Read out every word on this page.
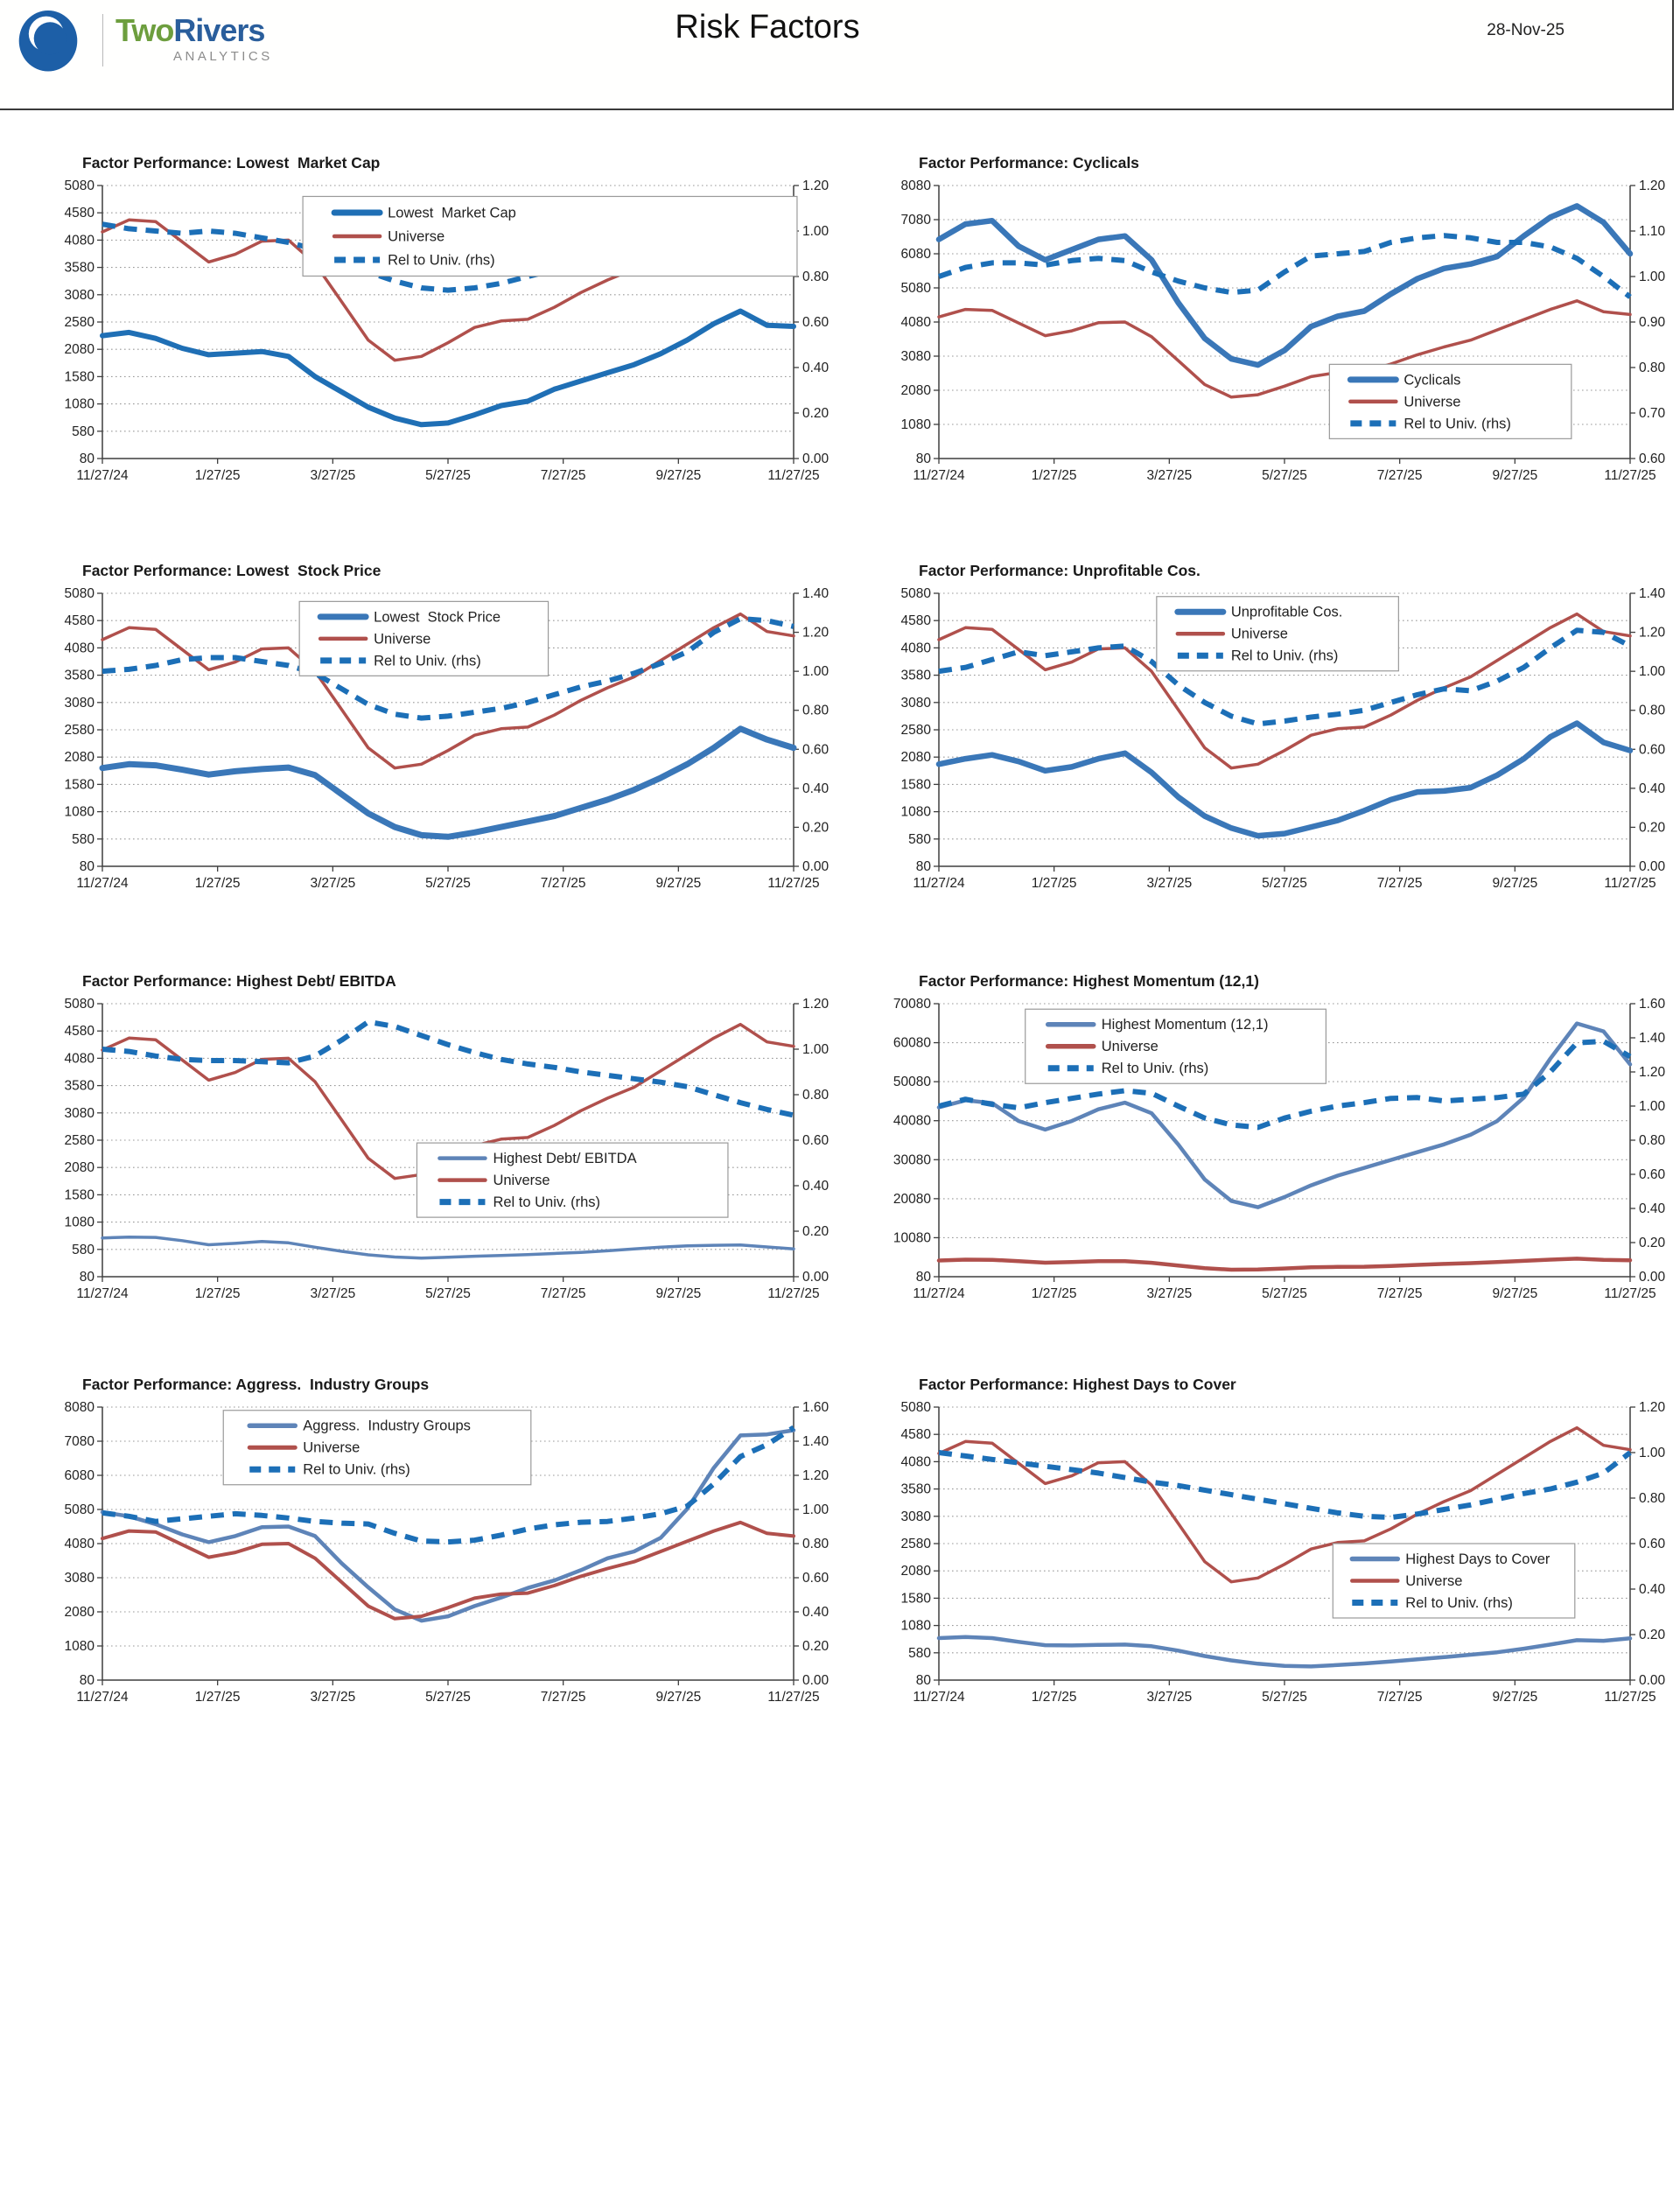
TwoRivers
ANALYTICS
Risk Factors	28-Nov-25
5080
4580
4080
3580
3080
2580
2080
1580
1080
580
80
1.20
1.00
0.80
0.60
0.40
0.20
0.00
11/27/24	1/27/25	3/27/25	5/27/25	7/27/25	9/27/25	11/27/25
Lowest  Market Cap
Universe
Rel to Univ. (rhs)
Factor Performance: Lowest  Market Cap
8080
7080
6080
5080
4080
3080
2080
1080
80
1.20
1.10
1.00
0.90
0.80
0.70
0.60
11/27/24	1/27/25	3/27/25	5/27/25	7/27/25	9/27/25	11/27/25
Cyclicals
Universe
Rel to Univ. (rhs)
Factor Performance: Cyclicals
5080
4580
4080
3580
3080
2580
2080
1580
1080
580
80
1.40
1.20
1.00
0.80
0.60
0.40
0.20
0.00
11/27/24	1/27/25	3/27/25	5/27/25	7/27/25	9/27/25	11/27/25
Lowest  Stock Price
Universe
Rel to Univ. (rhs)
Factor Performance: Lowest  Stock Price
5080
4580
4080
3580
3080
2580
2080
1580
1080
580
80
1.40
1.20
1.00
0.80
0.60
0.40
0.20
0.00
11/27/24	1/27/25	3/27/25	5/27/25	7/27/25	9/27/25	11/27/25
Unprofitable Cos.
Universe
Rel to Univ. (rhs)
Factor Performance: Unprofitable Cos.
5080
4580
4080
3580
3080
2580
2080
1580
1080
580
80
1.20
1.00
0.80
0.60
0.40
0.20
0.00
11/27/24	1/27/25	3/27/25	5/27/25	7/27/25	9/27/25	11/27/25
Highest Debt/ EBITDA
Universe
Rel to Univ. (rhs)
Factor Performance: Highest Debt/ EBITDA
70080
60080
50080
40080
30080
20080
10080
80
1.60
1.40
1.20
1.00
0.80
0.60
0.40
0.20
0.00
11/27/24	1/27/25	3/27/25	5/27/25	7/27/25	9/27/25	11/27/25
Highest Momentum (12,1)
Universe
Rel to Univ. (rhs)
Factor Performance: Highest Momentum (12,1)
8080
7080
6080
5080
4080
3080
2080
1080
80
1.60
1.40
1.20
1.00
0.80
0.60
0.40
0.20
0.00
11/27/24	1/27/25	3/27/25	5/27/25	7/27/25	9/27/25	11/27/25
Aggress.  Industry Groups
Universe
Rel to Univ. (rhs)
Factor Performance: Aggress.  Industry Groups
5080
4580
4080
3580
3080
2580
2080
1580
1080
580
80
1.20
1.00
0.80
0.60
0.40
0.20
0.00
11/27/24	1/27/25	3/27/25	5/27/25	7/27/25	9/27/25	11/27/25
Highest Days to Cover
Universe
Rel to Univ. (rhs)
Factor Performance: Highest Days to Cover
